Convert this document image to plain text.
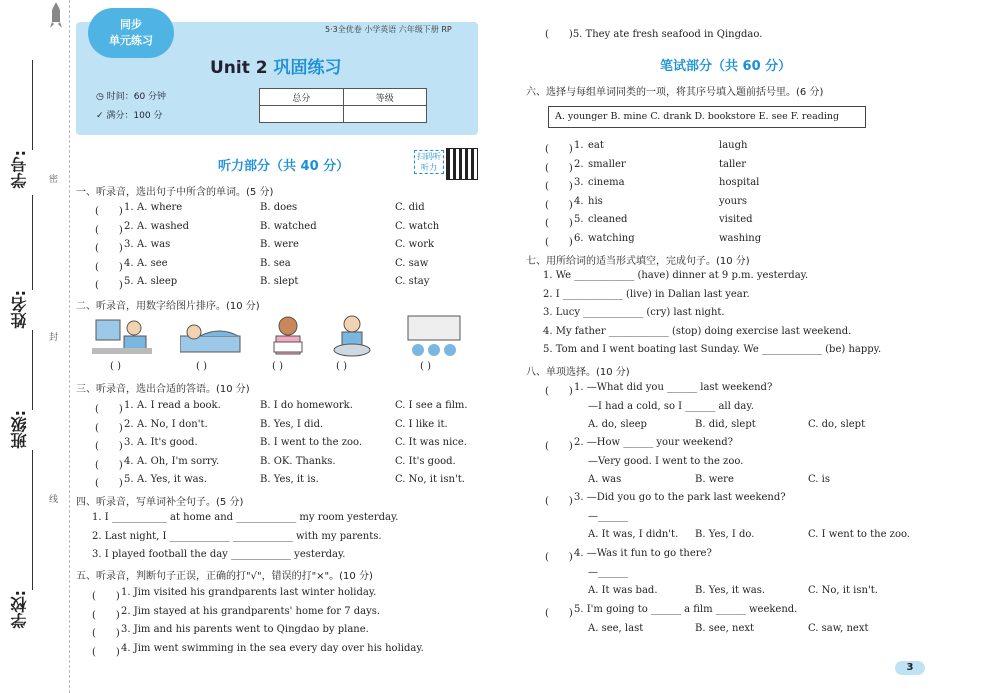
学号:
姓名:
班级:
学校:
密
封
线
同步
单元练习
5·3全优卷 小学英语 六年级下册 RP
Unit 2 巩固练习
◷ 时间：60 分钟
✓ 满分：100 分
总分	等级

听力部分（共 40 分）
扫码听听力
一、听录音，选出句子中所含的单词。(5 分)
(　　) 1. A. where	B. does	C. did
(　　) 2. A. washed	B. watched	C. watch
(　　) 3. A. was	B. were	C. work
(　　) 4. A. see	B. sea	C. saw
(　　) 5. A. sleep	B. slept	C. stay
二、听录音，用数字给图片排序。(10 分)
( )	( )	( )	( )	( )
三、听录音，选出合适的答语。(10 分)
(　　) 1. A. I read a book.	B. I do homework.	C. I see a film.
(　　) 2. A. No, I don't.	B. Yes, I did.	C. I like it.
(　　) 3. A. It's good.	B. I went to the zoo.	C. It was nice.
(　　) 4. A. Oh, I'm sorry.	B. OK. Thanks.	C. It's good.
(　　) 5. A. Yes, it was.	B. Yes, it is.	C. No, it isn't.
四、听录音，写单词补全句子。(5 分)
1. I ___________ at home and ____________ my room yesterday.
2. Last night, I ____________ ____________ with my parents.
3. I played football the day ____________ yesterday.
五、听录音，判断句子正误，正确的打"√"，错误的打"×"。(10 分)
(　　) 1. Jim visited his grandparents last winter holiday.
(　　) 2. Jim stayed at his grandparents' home for 7 days.
(　　) 3. Jim and his parents went to Qingdao by plane.
(　　) 4. Jim went swimming in the sea every day over his holiday.
(　　)5. They ate fresh seafood in Qingdao.
笔试部分（共 60 分）
六、选择与每组单词同类的一项，将其序号填入题前括号里。(6 分)
A. younger B. mine C. drank D. bookstore E. see F. reading
(　　) 1. eat	laugh
(　　) 2. smaller	taller
(　　) 3. cinema	hospital
(　　) 4. his	yours
(　　) 5. cleaned	visited
(　　) 6. watching	washing
七、用所给词的适当形式填空，完成句子。(10 分)
1. We ____________ (have) dinner at 9 p.m. yesterday.
2. I ____________ (live) in Dalian last year.
3. Lucy ____________ (cry) last night.
4. My father ____________ (stop) doing exercise last weekend.
5. Tom and I went boating last Sunday. We ____________ (be) happy.
八、单项选择。(10 分)
(　　) 1. —What did you ______ last weekend?
—I had a cold, so I ______ all day.
A. do, sleep	B. did, slept	C. do, slept
(　　) 2. —How ______ your weekend?
—Very good. I went to the zoo.
A. was	B. were	C. is
(　　) 3. —Did you go to the park last weekend?
—______
A. It was, I didn't. B. Yes, I do.	C. I went to the zoo.
(　　) 4. —Was it fun to go there?
—______
A. It was bad.	B. Yes, it was.	C. No, it isn't.
(　　) 5. I'm going to ______ a film ______ weekend.
A. see, last	B. see, next	C. saw, next
3
